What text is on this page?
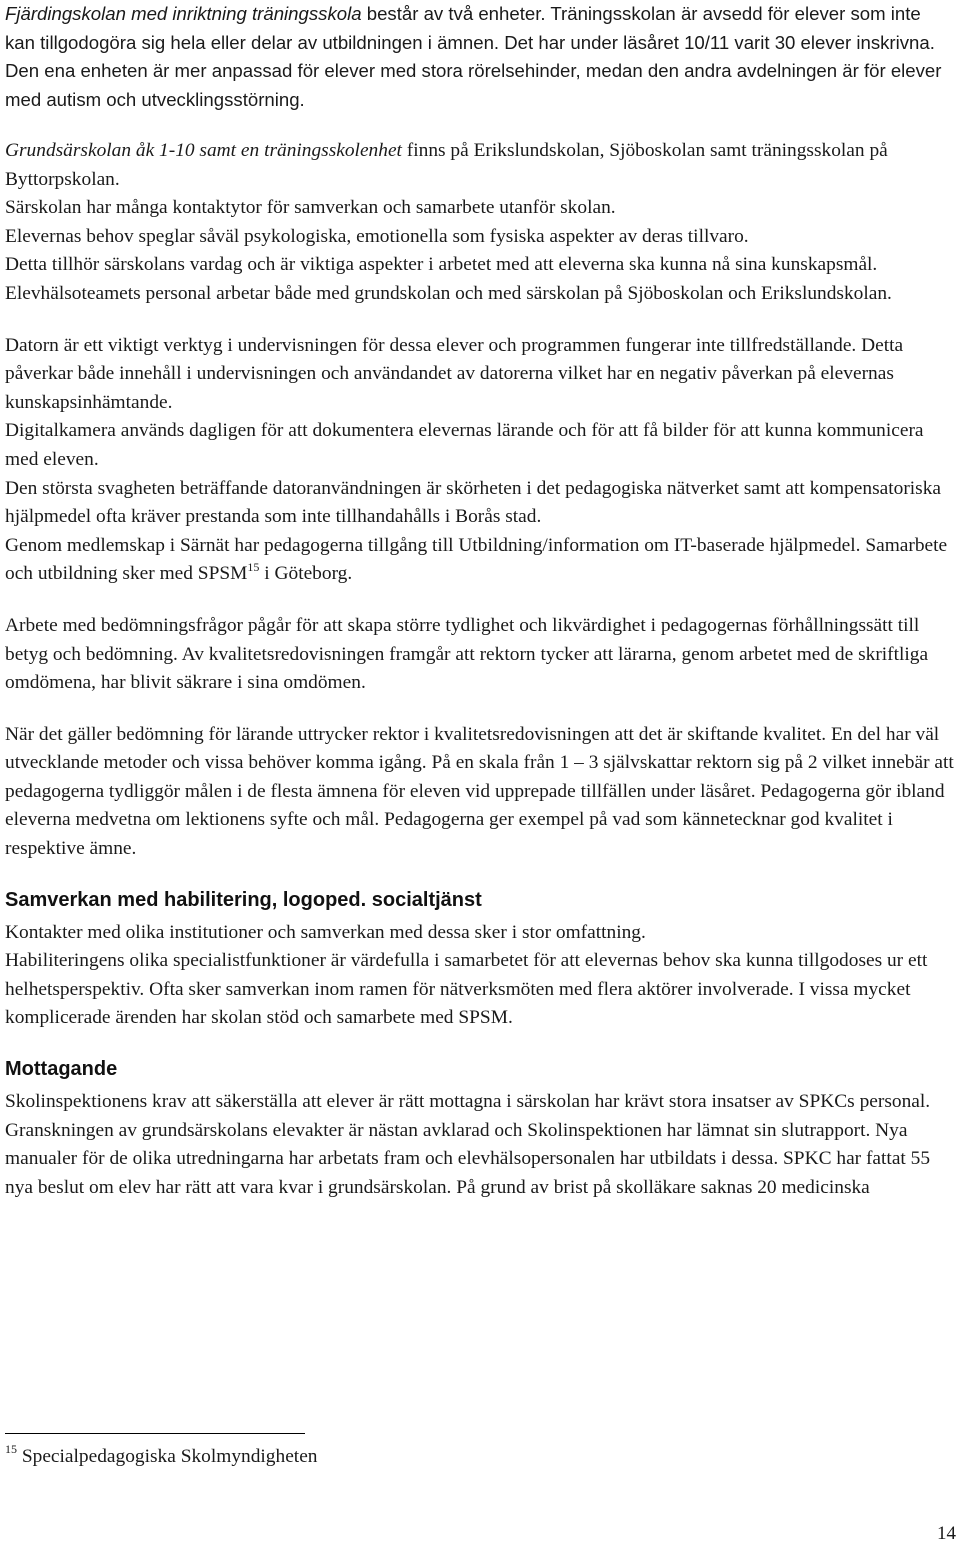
Fjärdingskolan med inriktning träningsskola består av två enheter. Träningsskolan är avsedd för elever som inte kan tillgodogöra sig hela eller delar av utbildningen i ämnen. Det har under läsåret 10/11 varit 30 elever inskrivna. Den ena enheten är mer anpassad för elever med stora rörelsehinder, medan den andra avdelningen är för elever med autism och utvecklingsstörning.

Grundsärskolan åk 1-10 samt en träningsskolenhet finns på Erikslundskolan, Sjöboskolan samt träningsskolan på Byttorpskolan.

Särskolan har många kontaktytor för samverkan och samarbete utanför skolan.

Elevernas behov speglar såväl psykologiska, emotionella som fysiska aspekter av deras tillvaro.

Detta tillhör särskolans vardag och är viktiga aspekter i arbetet med att eleverna ska kunna nå sina kunskapsmål.

Elevhälsoteamets personal arbetar både med grundskolan och med särskolan på Sjöboskolan och Erikslundskolan.

Datorn är ett viktigt verktyg i undervisningen för dessa elever och programmen fungerar inte tillfredställande. Detta påverkar både innehåll i undervisningen och användandet av datorerna vilket har en negativ påverkan på elevernas kunskapsinhämtande.

Digitalkamera används dagligen för att dokumentera elevernas lärande och för att få bilder för att kunna kommunicera med eleven.

Den största svagheten beträffande datoranvändningen är skörheten i det pedagogiska nätverket samt att kompensatoriska hjälpmedel ofta kräver prestanda som inte tillhandahålls i Borås stad.

Genom medlemskap i Särnät har pedagogerna tillgång till Utbildning/information om IT-baserade hjälpmedel. Samarbete och utbildning sker med SPSM$^{15}$ i Göteborg.

Arbete med bedömningsfrågor pågår för att skapa större tydlighet och likvärdighet i pedagogernas förhållningssätt till betyg och bedömning. Av kvalitetsredovisningen framgår att rektorn tycker att lärarna, genom arbetet med de skriftliga omdömena, har blivit säkrare i sina omdömen.

När det gäller bedömning för lärande uttrycker rektor i kvalitetsredovisningen att det är skiftande kvalitet. En del har väl utvecklande metoder och vissa behöver komma igång. På en skala från 1 – 3 självskattar rektorn sig på 2 vilket innebär att pedagogerna tydliggör målen i de flesta ämnena för eleven vid upprepade tillfällen under läsåret. Pedagogerna gör ibland eleverna medvetna om lektionens syfte och mål. Pedagogerna ger exempel på vad som kännetecknar god kvalitet i respektive ämne.

Samverkan med habilitering, logoped. socialtjänst

Kontakter med olika institutioner och samverkan med dessa sker i stor omfattning.

Habiliteringens olika specialistfunktioner är värdefulla i samarbetet för att elevernas behov ska kunna tillgodoses ur ett helhetsperspektiv. Ofta sker samverkan inom ramen för nätverksmöten med flera aktörer involverade. I vissa mycket komplicerade ärenden har skolan stöd och samarbete med SPSM.

Mottagande

Skolinspektionens krav att säkerställa att elever är rätt mottagna i särskolan har krävt stora insatser av SPKCs personal. Granskningen av grundsärskolans elevakter är nästan avklarad och Skolinspektionen har lämnat sin slutrapport. Nya manualer för de olika utredningarna har arbetats fram och elevhälsopersonalen har utbildats i dessa. SPKC har fattat 55 nya beslut om elev har rätt att vara kvar i grundsärskolan. På grund av brist på skolläkare saknas 20 medicinska

$^{15}$ Specialpedagogiska Skolmyndigheten

14
